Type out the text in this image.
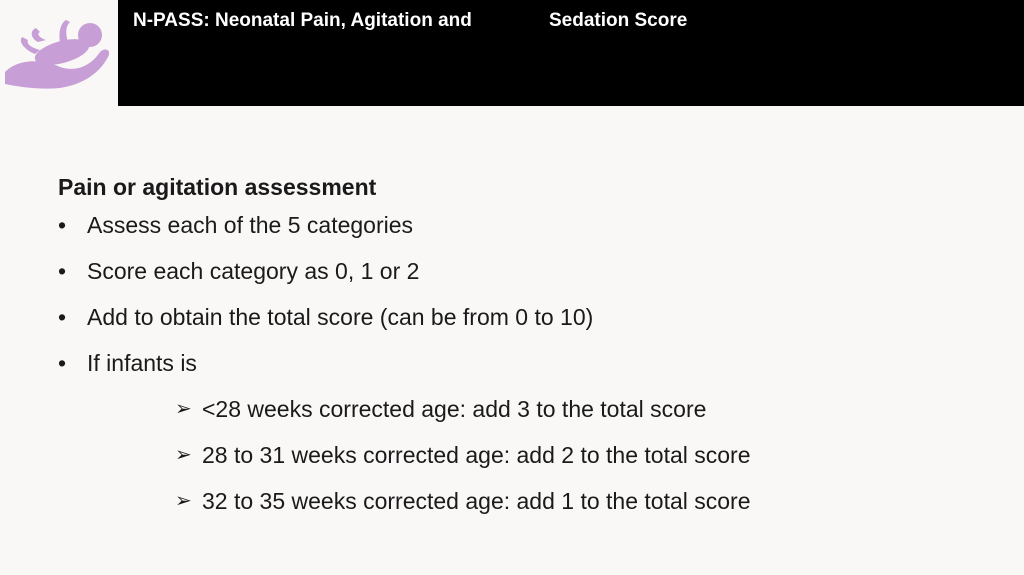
N-PASS: Neonatal Pain, Agitation and	Sedation Score

Pain or agitation assessment

• Assess each of the 5 categories
• Score each category as 0, 1 or 2
• Add to obtain the total score (can be from 0 to 10)
• If infants is
➢ <28 weeks corrected age: add 3 to the total score
➢ 28 to 31 weeks corrected age: add 2 to the total score
➢ 32 to 35 weeks corrected age: add 1 to the total score
